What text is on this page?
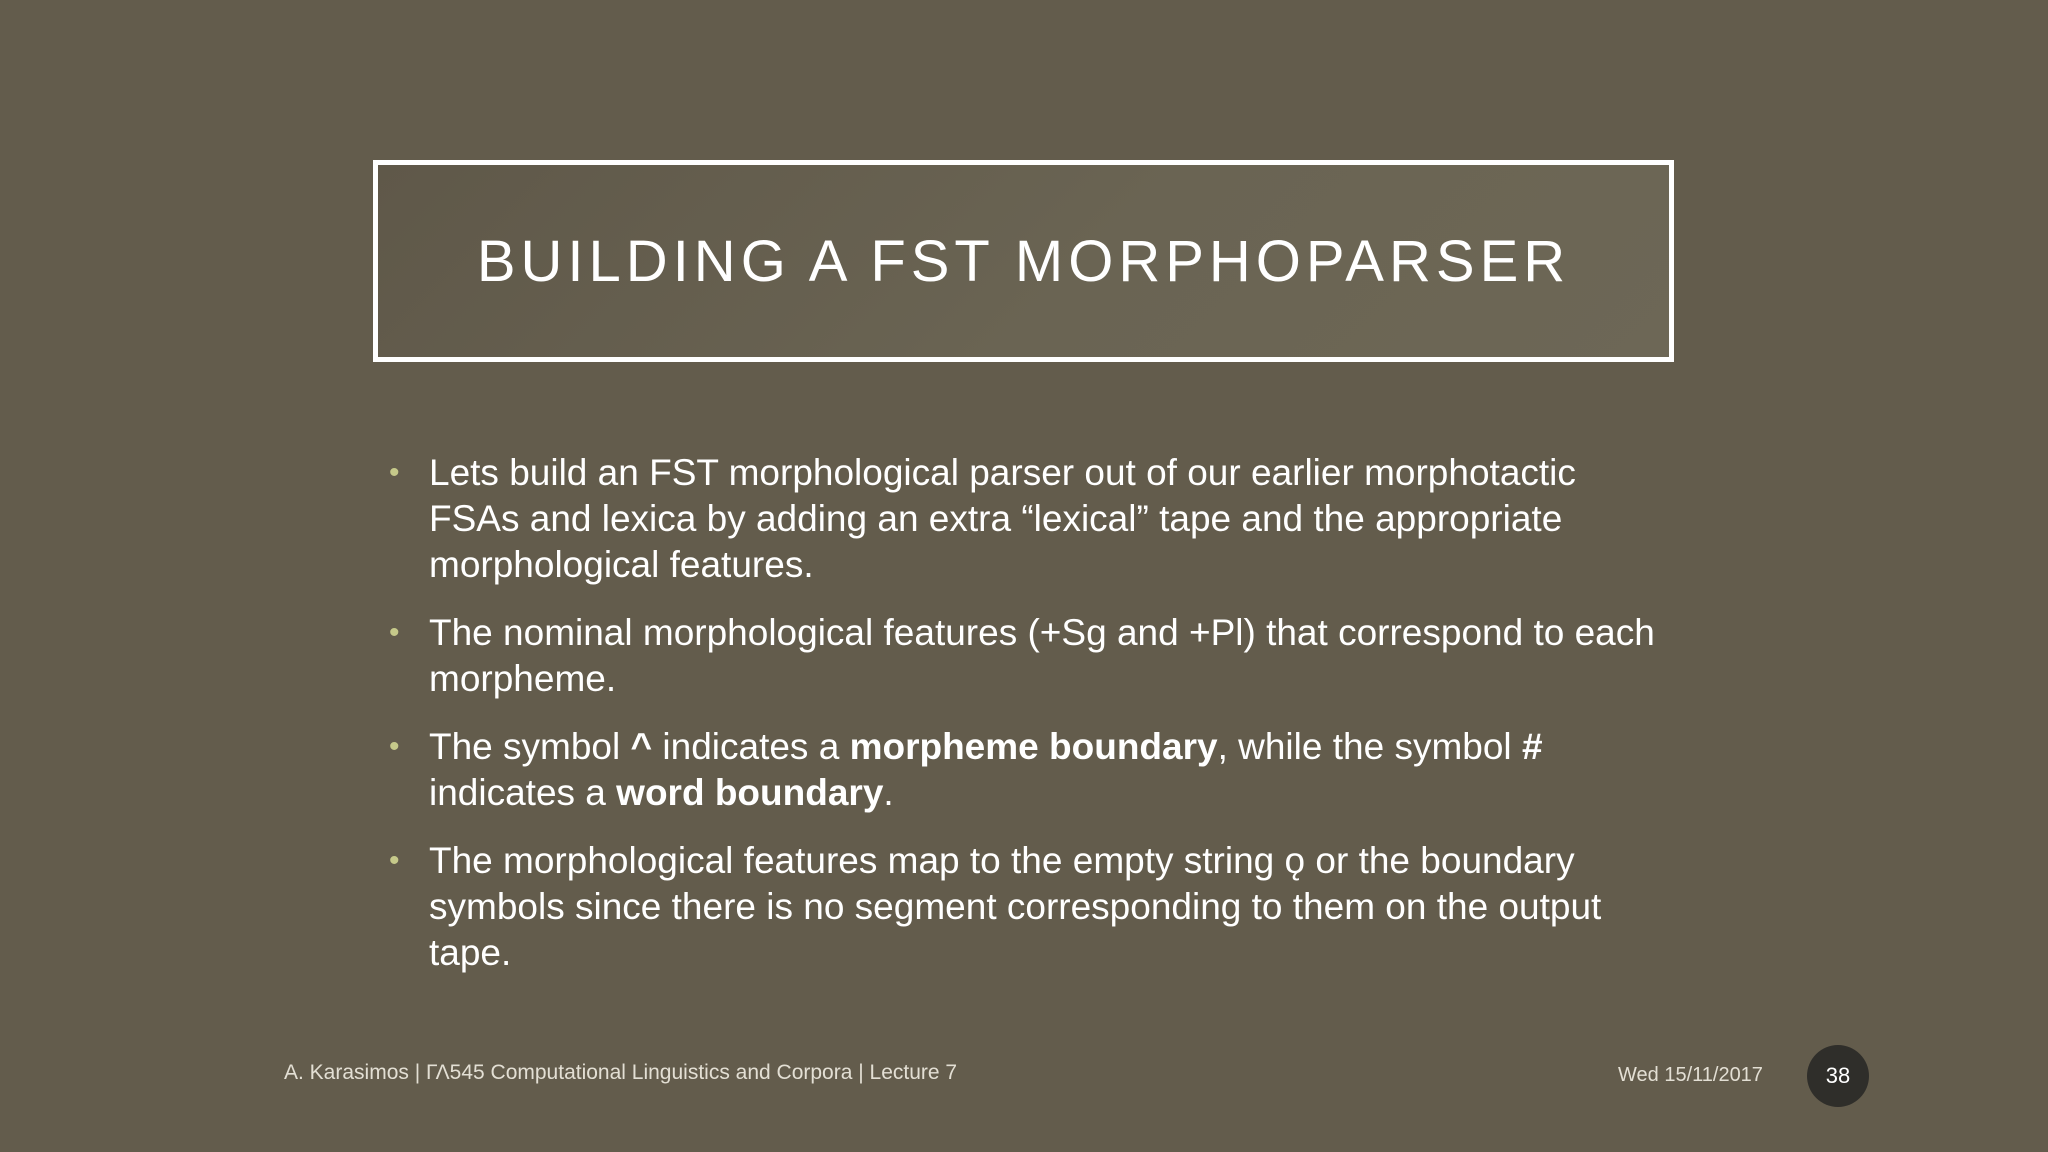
BUILDING A FST MORPHOPARSER
• Lets build an FST morphological parser out of our earlier morphotactic FSAs and lexica by adding an extra “lexical” tape and the appropriate morphological features.
• The nominal morphological features (+Sg and +Pl) that correspond to each morpheme.
• The symbol ^ indicates a morpheme boundary, while the symbol # indicates a word boundary.
• The morphological features map to the empty string ǫ or the boundary symbols since there is no segment corresponding to them on the output tape.
A. Karasimos | ΓΛ545 Computational Linguistics and Corpora | Lecture 7	Wed 15/11/2017	38
